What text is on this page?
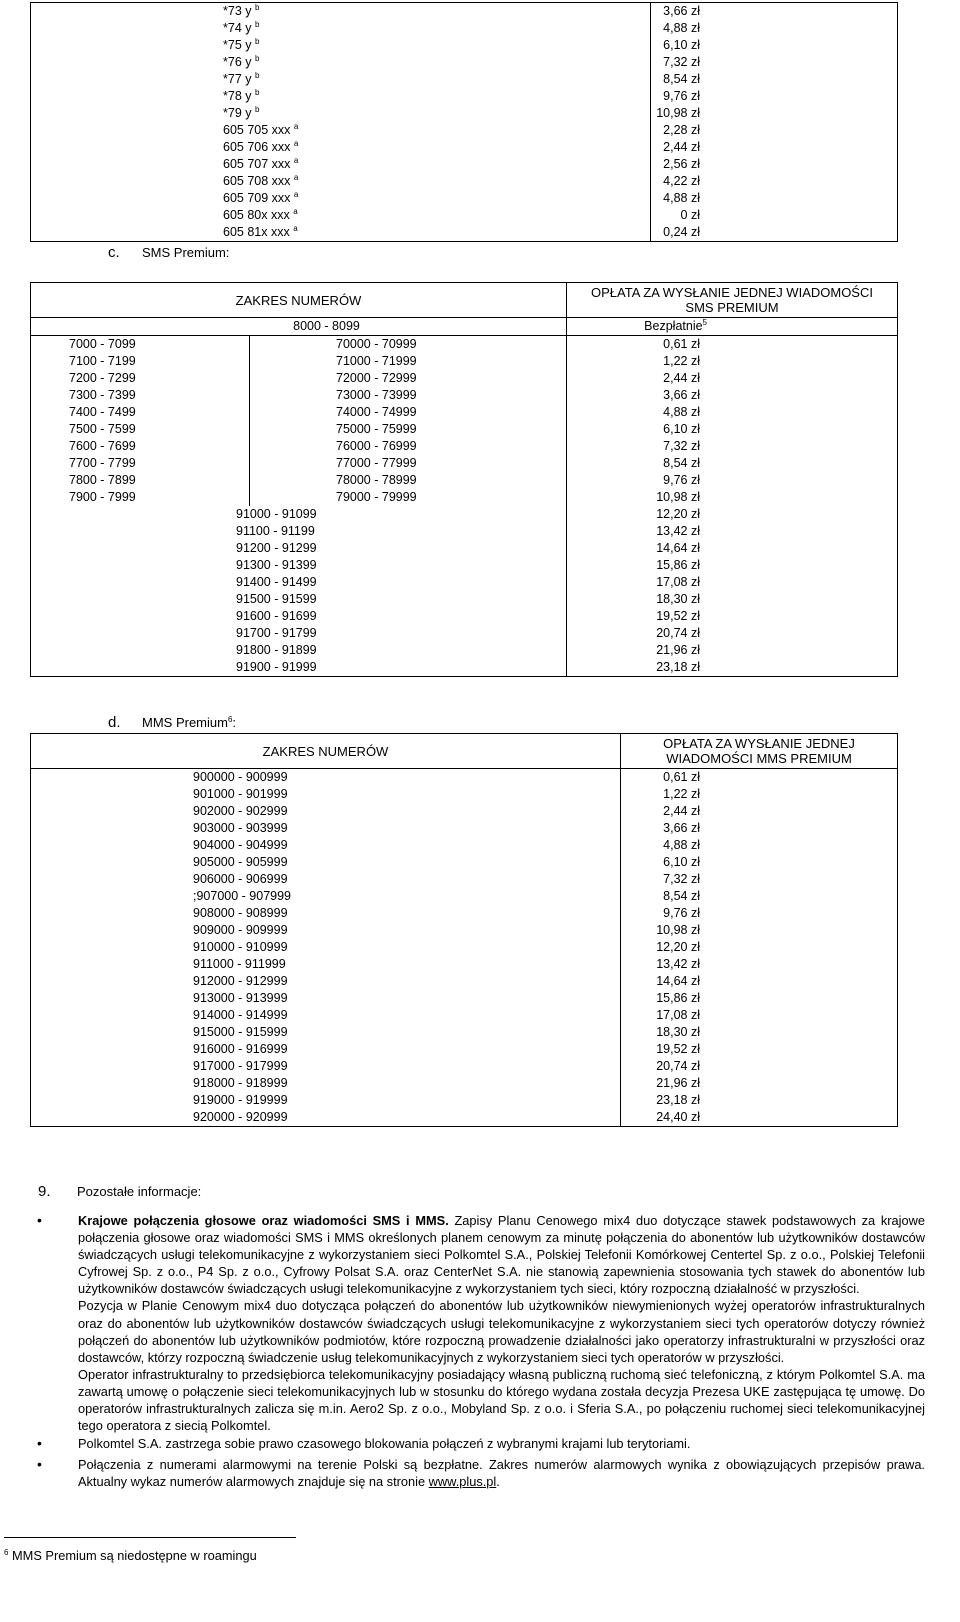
*73 y $^b$	3,66 zł
*74 y $^b$	4,88 zł
*75 y $^b$	6,10 zł
*76 y $^b$	7,32 zł
*77 y $^b$	8,54 zł
*78 y $^b$	9,76 zł
*79 y $^b$	10,98 zł
605 705 xxx $^a$	2,28 zł
605 706 xxx $^a$	2,44 zł
605 707 xxx $^a$	2,56 zł
605 708 xxx $^a$	4,22 zł
605 709 xxx $^a$	4,88 zł
605 80x xxx $^a$	0 zł
605 81x xxx $^a$	0,24 zł
c. SMS Premium:
ZAKRES NUMERÓW		OPŁATA ZA WYSŁANIE JEDNEJ WIADOMOŚCI SMS PREMIUM
8000 - 8099		Bezpłatnie$^5$
7000 - 7099	70000 - 70999	0,61 zł
7100 - 7199	71000 - 71999	1,22 zł
7200 - 7299	72000 - 72999	2,44 zł
7300 - 7399	73000 - 73999	3,66 zł
7400 - 7499	74000 - 74999	4,88 zł
7500 - 7599	75000 - 75999	6,10 zł
7600 - 7699	76000 - 76999	7,32 zł
7700 - 7799	77000 - 77999	8,54 zł
7800 - 7899	78000 - 78999	9,76 zł
7900 - 7999	79000 - 79999	10,98 zł
91000 - 91099		12,20 zł
91100 - 91199		13,42 zł
91200 - 91299		14,64 zł
91300 - 91399		15,86 zł
91400 - 91499		17,08 zł
91500 - 91599		18,30 zł
91600 - 91699		19,52 zł
91700 - 91799		20,74 zł
91800 - 91899		21,96 zł
91900 - 91999		23,18 zł
d. MMS Premium$^6$:
ZAKRES NUMERÓW	OPŁATA ZA WYSŁANIE JEDNEJ WIADOMOŚCI MMS PREMIUM
900000 - 900999	0,61 zł
901000 - 901999	1,22 zł
902000 - 902999	2,44 zł
903000 - 903999	3,66 zł
904000 - 904999	4,88 zł
905000 - 905999	6,10 zł
906000 - 906999	7,32 zł
;907000 - 907999	8,54 zł
908000 - 908999	9,76 zł
909000 - 909999	10,98 zł
910000 - 910999	12,20 zł
911000 - 911999	13,42 zł
912000 - 912999	14,64 zł
913000 - 913999	15,86 zł
914000 - 914999	17,08 zł
915000 - 915999	18,30 zł
916000 - 916999	19,52 zł
917000 - 917999	20,74 zł
918000 - 918999	21,96 zł
919000 - 919999	23,18 zł
920000 - 920999	24,40 zł
9. Pozostałe informacje:
•	Krajowe połączenia głosowe oraz wiadomości SMS i MMS. Zapisy Planu Cenowego mix4 duo dotyczące stawek podstawowych za krajowe połączenia głosowe oraz wiadomości SMS i MMS określonych planem cenowym za minutę połączenia do abonentów lub użytkowników dostawców świadczących usługi telekomunikacyjne z wykorzystaniem sieci Polkomtel S.A., Polskiej Telefonii Komórkowej Centertel Sp. z o.o., Polskiej Telefonii Cyfrowej Sp. z o.o., P4 Sp. z o.o., Cyfrowy Polsat S.A. oraz CenterNet S.A. nie stanowią zapewnienia stosowania tych stawek do abonentów lub użytkowników dostawców świadczących usługi telekomunikacyjne z wykorzystaniem tych sieci, który rozpoczną działalność w przyszłości.

Pozycja w Planie Cenowym mix4 duo dotycząca połączeń do abonentów lub użytkowników niewymienionych wyżej operatorów infrastrukturalnych oraz do abonentów lub użytkowników dostawców świadczących usługi telekomunikacyjne z wykorzystaniem sieci tych operatorów dotyczy również połączeń do abonentów lub użytkowników podmiotów, które rozpoczną prowadzenie działalności jako operatorzy infrastrukturalni w przyszłości oraz dostawców, którzy rozpoczną świadczenie usług telekomunikacyjnych z wykorzystaniem sieci tych operatorów w przyszłości.

Operator infrastrukturalny to przedsiębiorca telekomunikacyjny posiadający własną publiczną ruchomą sieć telefoniczną, z którym Polkomtel S.A. ma zawartą umowę o połączenie sieci telekomunikacyjnych lub w stosunku do którego wydana została decyzja Prezesa UKE zastępująca tę umowę. Do operatorów infrastrukturalnych zalicza się m.in. Aero2 Sp. z o.o., Mobyland Sp. z o.o. i Sferia S.A., po połączeniu ruchomej sieci telekomunikacyjnej tego operatora z siecią Polkomtel.

•	Polkomtel S.A. zastrzega sobie prawo czasowego blokowania połączeń z wybranymi krajami lub terytoriami.

•	Połączenia z numerami alarmowymi na terenie Polski są bezpłatne. Zakres numerów alarmowych wynika z obowiązujących przepisów prawa. Aktualny wykaz numerów alarmowych znajduje się na stronie www.plus.pl.

$^6$ MMS Premium są niedostępne w roamingu
